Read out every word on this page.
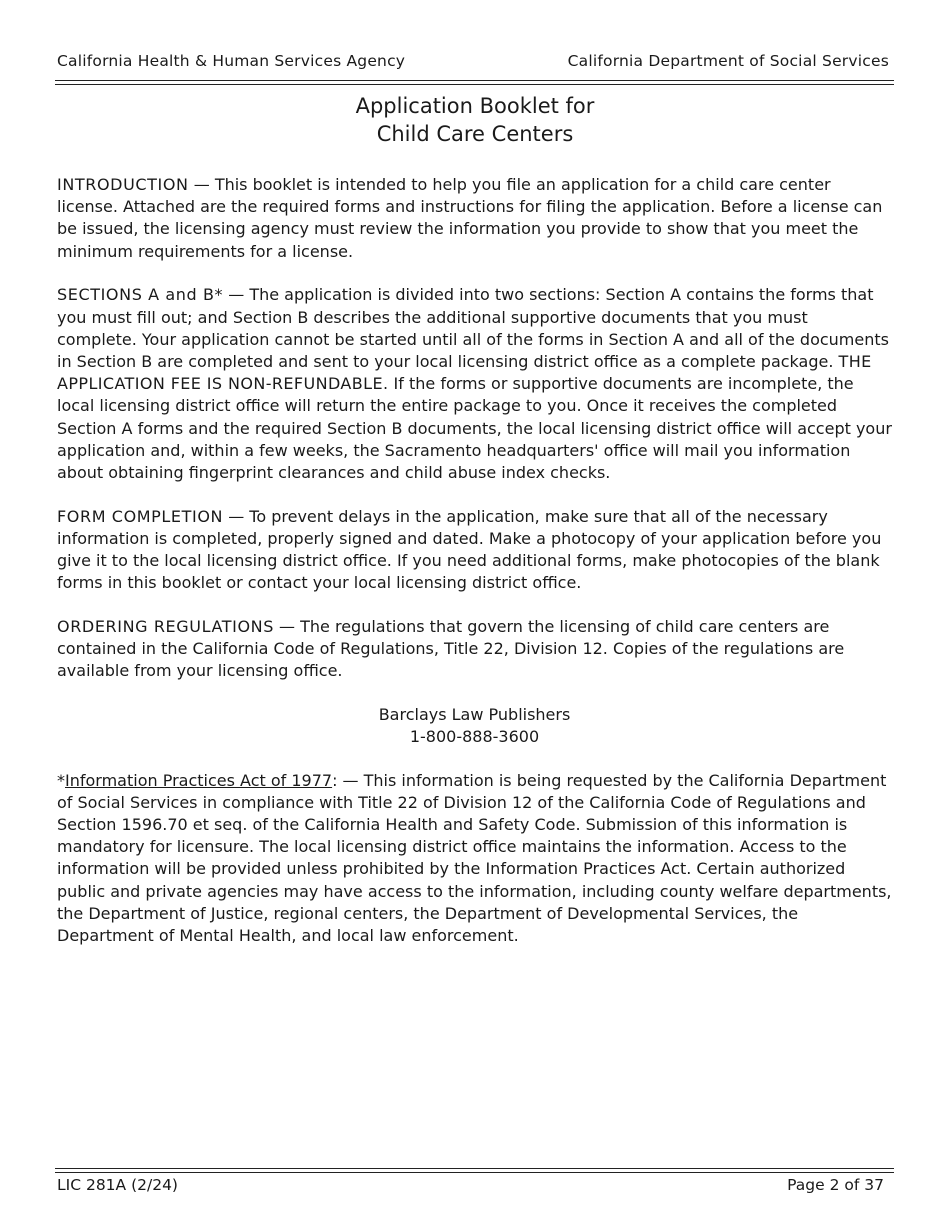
California Health & Human Services Agency	California Department of Social Services
Application Booklet for
Child Care Centers

INTRODUCTION — This booklet is intended to help you file an application for a child care center license. Attached are the required forms and instructions for filing the application. Before a license can be issued, the licensing agency must review the information you provide to show that you meet the minimum requirements for a license.

SECTIONS A and B* — The application is divided into two sections: Section A contains the forms that you must fill out; and Section B describes the additional supportive documents that you must complete. Your application cannot be started until all of the forms in Section A and all of the documents in Section B are completed and sent to your local licensing district office as a complete package. THE APPLICATION FEE IS NON-REFUNDABLE. If the forms or supportive documents are incomplete, the local licensing district office will return the entire package to you. Once it receives the completed Section A forms and the required Section B documents, the local licensing district office will accept your application and, within a few weeks, the Sacramento headquarters' office will mail you information about obtaining fingerprint clearances and child abuse index checks.

FORM COMPLETION — To prevent delays in the application, make sure that all of the necessary information is completed, properly signed and dated. Make a photocopy of your application before you give it to the local licensing district office. If you need additional forms, make photocopies of the blank forms in this booklet or contact your local licensing district office.

ORDERING REGULATIONS — The regulations that govern the licensing of child care centers are contained in the California Code of Regulations, Title 22, Division 12. Copies of the regulations are available from your licensing office.

Barclays Law Publishers
1-800-888-3600

*Information Practices Act of 1977: — This information is being requested by the California Department of Social Services in compliance with Title 22 of Division 12 of the California Code of Regulations and Section 1596.70 et seq. of the California Health and Safety Code. Submission of this information is mandatory for licensure. The local licensing district office maintains the information. Access to the information will be provided unless prohibited by the Information Practices Act. Certain authorized public and private agencies may have access to the information, including county welfare departments, the Department of Justice, regional centers, the Department of Developmental Services, the Department of Mental Health, and local law enforcement.

LIC 281A (2/24)	Page 2 of 37
